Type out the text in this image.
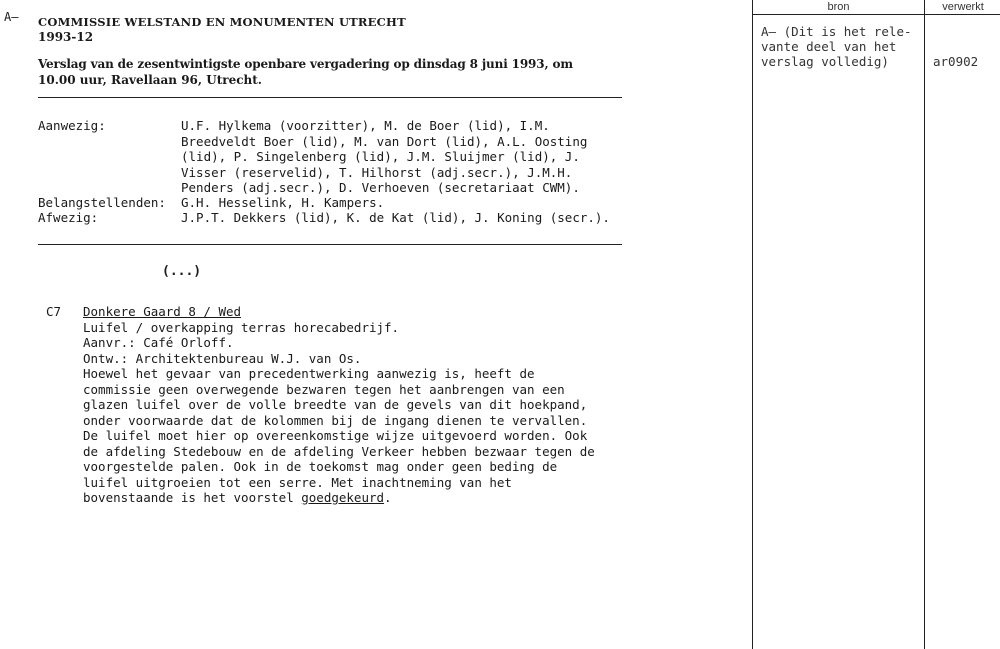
A– COMMISSIE WELSTAND EN MONUMENTEN UTRECHT
1993-12
Verslag van de zesentwintigste openbare vergadering op dinsdag 8 juni 1993, om
10.00 uur, Ravellaan 96, Utrecht.
Aanwezig:	U.F. Hylkema (voorzitter), M. de Boer (lid), I.M.
Breedveldt Boer (lid), M. van Dort (lid), A.L. Oosting
(lid), P. Singelenberg (lid), J.M. Sluijmer (lid), J.
Visser (reservelid), T. Hilhorst (adj.secr.), J.M.H.
Penders (adj.secr.), D. Verhoeven (secretariaat CWM).
Belangstellenden: G.H. Hesselink, H. Kampers.
Afwezig:	J.P.T. Dekkers (lid), K. de Kat (lid), J. Koning (secr.).
(...)
C7 Donkere Gaard 8 / Wed
Luifel / overkapping terras horecabedrijf.
Aanvr.: Café Orloff.
Ontw.: Architektenbureau W.J. van Os.
Hoewel het gevaar van precedentwerking aanwezig is, heeft de
commissie geen overwegende bezwaren tegen het aanbrengen van een
glazen luifel over de volle breedte van de gevels van dit hoekpand,
onder voorwaarde dat de kolommen bij de ingang dienen te vervallen.
De luifel moet hier op overeenkomstige wijze uitgevoerd worden. Ook
de afdeling Stedebouw en de afdeling Verkeer hebben bezwaar tegen de
voorgestelde palen. Ook in de toekomst mag onder geen beding de
luifel uitgroeien tot een serre. Met inachtneming van het
bovenstaande is het voorstel goedgekeurd.
bron	verwerkt
A– (Dit is het rele-
vante deel van het
verslag volledig)	ar0902
